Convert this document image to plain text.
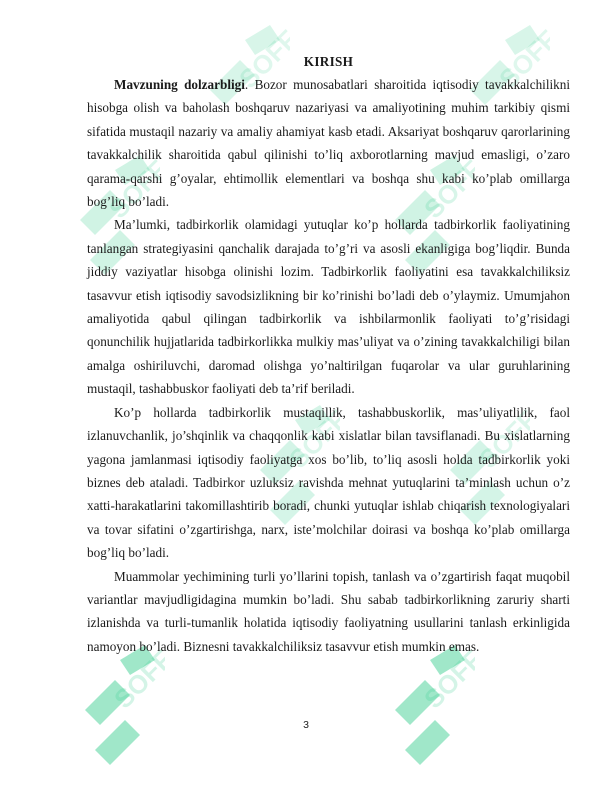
SOFF	SOFF
SOFF	SOFF
SOFF	SOFF
SOFF	SOFF
KIRISH

Mavzuning dolzarbligi. Bozor munosabatlari sharoitida iqtisodiy tavakkalchilikni hisobga olish va baholash boshqaruv nazariyasi va amaliyotining muhim tarkibiy qismi sifatida mustaqil nazariy va amaliy ahamiyat kasb etadi. Aksariyat boshqaruv qarorlarining tavakkalchilik sharoitida qabul qilinishi to’liq axborotlarning mavjud emasligi, o’zaro qarama-qarshi g’oyalar, ehtimollik elementlari va boshqa shu kabi ko’plab omillarga bog’liq bo’ladi.

Ma’lumki, tadbirkorlik olamidagi yutuqlar ko’p hollarda tadbirkorlik faoliyatining tanlangan strategiyasini qanchalik darajada to’g’ri va asosli ekanligiga bog’liqdir. Bunda jiddiy vaziyatlar hisobga olinishi lozim. Tadbirkorlik faoliyatini esa tavakkalchiliksiz tasavvur etish iqtisodiy savodsizlikning bir ko’rinishi bo’ladi deb o’ylaymiz. Umumjahon amaliyotida qabul qilingan tadbirkorlik va ishbilarmonlik faoliyati to’g’risidagi qonunchilik hujjatlarida tadbirkorlikka mulkiy mas’uliyat va o’zining tavakkalchiligi bilan amalga oshiriluvchi, daromad olishga yo’naltirilgan fuqarolar va ular guruhlarining mustaqil, tashabbuskor faoliyati deb ta’rif beriladi.

Ko’p hollarda tadbirkorlik mustaqillik, tashabbuskorlik, mas’uliyatlilik, faol izlanuvchanlik, jo’shqinlik va chaqqonlik kabi xislatlar bilan tavsiflanadi. Bu xislatlarning yagona jamlanmasi iqtisodiy faoliyatga xos bo’lib, to’liq asosli holda tadbirkorlik yoki biznes deb ataladi. Tadbirkor uzluksiz ravishda mehnat yutuqlarini ta’minlash uchun o’z xatti-harakatlarini takomillashtirib boradi, chunki yutuqlar ishlab chiqarish texnologiyalari va tovar sifatini o’zgartirishga, narx, iste’molchilar doirasi va boshqa ko’plab omillarga bog’liq bo’ladi.

Muammolar yechimining turli yo’llarini topish, tanlash va o’zgartirish faqat muqobil variantlar mavjudligidagina mumkin bo’ladi. Shu sabab tadbirkorlikning zaruriy sharti izlanishda va turli-tumanlik holatida iqtisodiy faoliyatning usullarini tanlash erkinligida namoyon bo’ladi. Biznesni tavakkalchiliksiz tasavvur etish mumkin emas.

3
